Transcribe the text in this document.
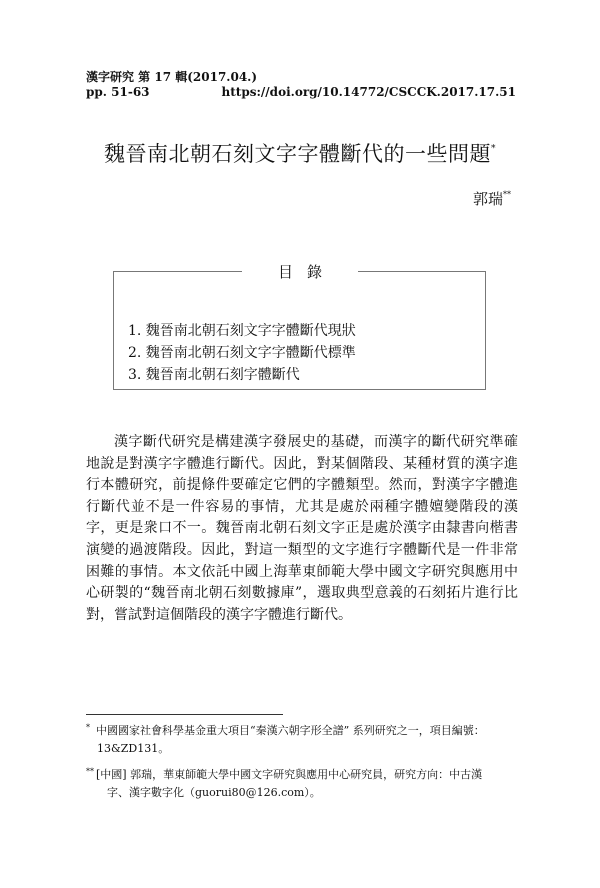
漢字研究 第 17 輯(2017.04.)
pp. 51-63	https://doi.org/10.14772/CSCCK.2017.17.51
魏晉南北朝石刻文字字體斷代的一些問題*
郭瑞**
目錄
1. 魏晉南北朝石刻文字字體斷代現狀
2. 魏晉南北朝石刻文字字體斷代標準
3. 魏晉南北朝石刻字體斷代

漢字斷代研究是構建漢字發展史的基礎，而漢字的斷代研究準確地說是對漢字字體進行斷代。因此，對某個階段、某種材質的漢字進行本體研究，前提條件要確定它們的字體類型。然而，對漢字字體進行斷代並不是一件容易的事情，尤其是處於兩種字體嬗變階段的漢字，更是衆口不一。魏晉南北朝石刻文字正是處於漢字由隸書向楷書演變的過渡階段。因此，對這一類型的文字進行字體斷代是一件非常困難的事情。本文依託中國上海華東師範大學中國文字研究與應用中心研製的“魏晉南北朝石刻數據庫”，選取典型意義的石刻拓片進行比對，嘗試對這個階段的漢字字體進行斷代。

* 中國國家社會科學基金重大項目“秦漢六朝字形全譜” 系列研究之一，項目編號：
13&ZD131。
** [中國] 郭瑞，華東師範大學中國文字研究與應用中心研究員，研究方向：中古漢
字、漢字數字化（guorui80@126.com）。
